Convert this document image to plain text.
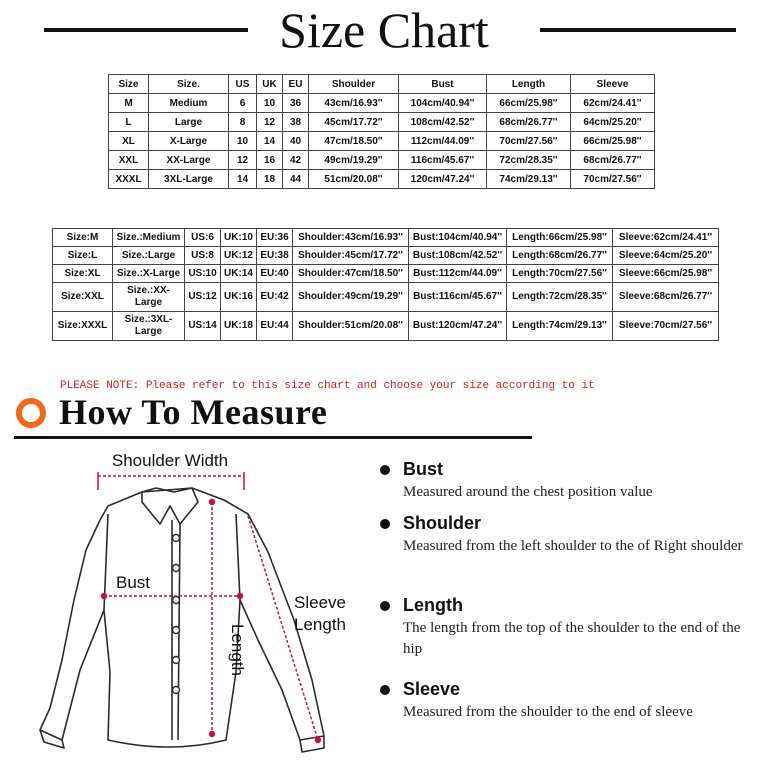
Size Chart
Size	Size.	US	UK	EU	Shoulder	Bust	Length	Sleeve
M	Medium	6	10	36	43cm/16.93''	104cm/40.94''	66cm/25.98''	62cm/24.41''
L	Large	8	12	38	45cm/17.72''	108cm/42.52''	68cm/26.77''	64cm/25.20''
XL	X-Large	10	14	40	47cm/18.50''	112cm/44.09''	70cm/27.56''	66cm/25.98''
XXL	XX-Large	12	16	42	49cm/19.29''	116cm/45.67''	72cm/28.35''	68cm/26.77''
XXXL	3XL-Large	14	18	44	51cm/20.08''	120cm/47.24''	74cm/29.13''	70cm/27.56''
Size:M	Size.:Medium	US:6	UK:10	EU:36	Shoulder:43cm/16.93''	Bust:104cm/40.94''	Length:66cm/25.98''	Sleeve:62cm/24.41''
Size:L	Size.:Large	US:8	UK:12	EU:38	Shoulder:45cm/17.72''	Bust:108cm/42.52''	Length:68cm/26.77''	Sleeve:64cm/25.20''
Size:XL	Size.:X-Large	US:10	UK:14	EU:40	Shoulder:47cm/18.50''	Bust:112cm/44.09''	Length:70cm/27.56''	Sleeve:66cm/25.98''
Size:XXL	Size.:XX-Large	US:12	UK:16	EU:42	Shoulder:49cm/19.29''	Bust:116cm/45.67''	Length:72cm/28.35''	Sleeve:68cm/26.77''
Size:XXXL	Size.:3XL-Large	US:14	UK:18	EU:44	Shoulder:51cm/20.08''	Bust:120cm/47.24''	Length:74cm/29.13''	Sleeve:70cm/27.56''
PLEASE NOTE: Please refer to this size chart and choose your size according to it
How To Measure
Shoulder Width
Bust
Length
Sleeve
Length
Bust
Measured around the chest position value
Shoulder
Measured from the left shoulder to the of Right shoulder
Length
The length from the top of the shoulder to the end of the hip
Sleeve
Measured from the shoulder to the end of sleeve
